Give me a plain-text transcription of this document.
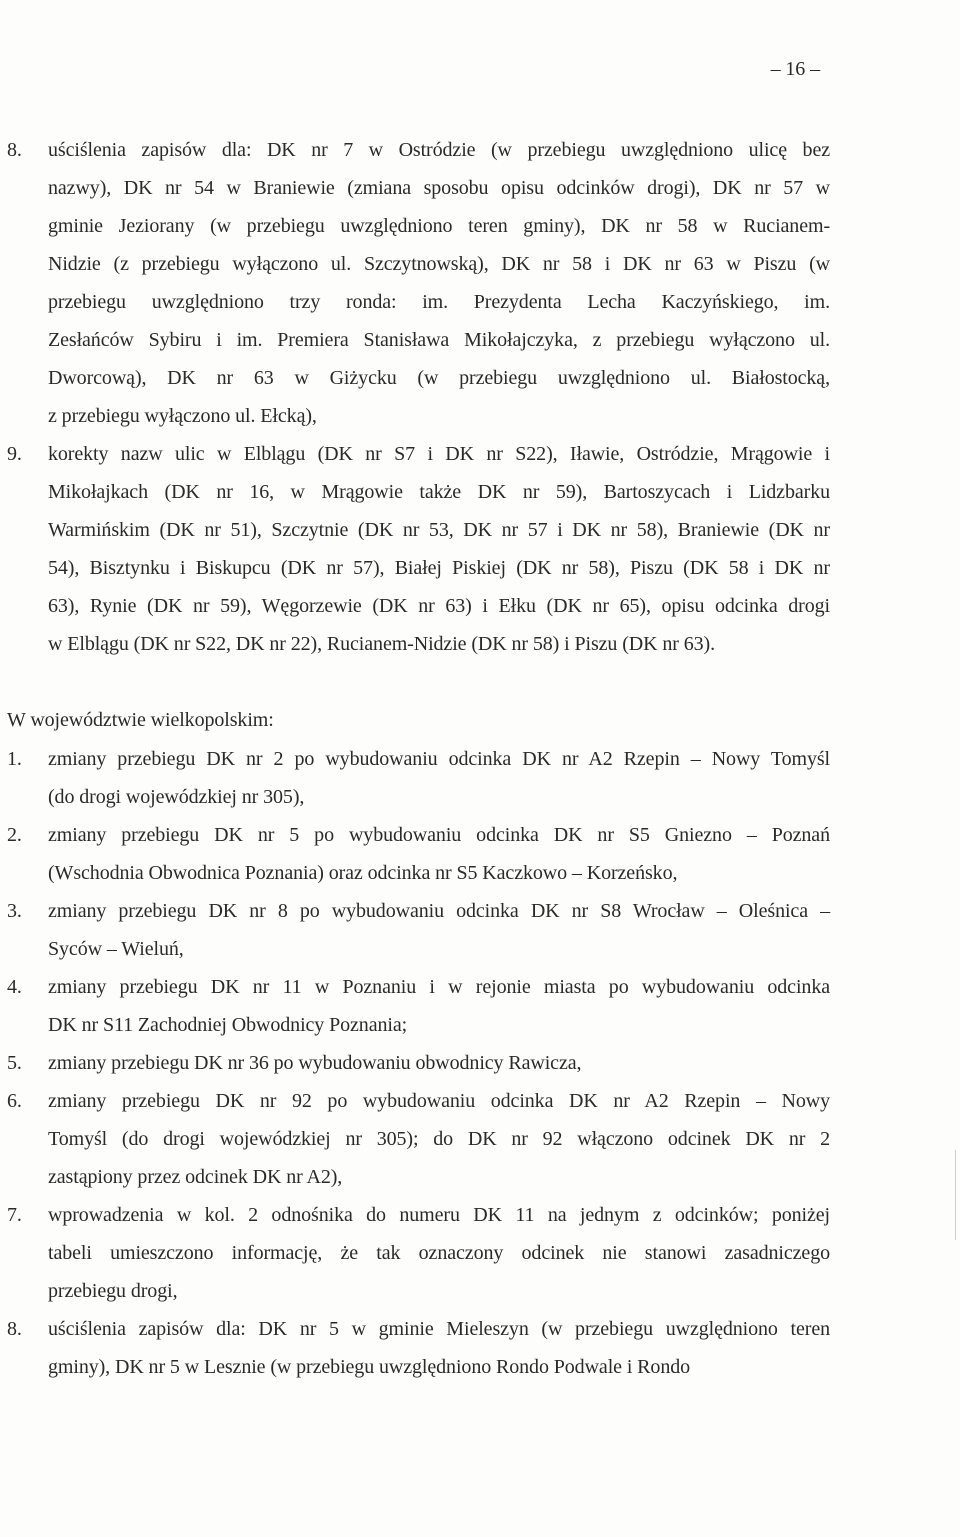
– 16 –
8.	uściślenia zapisów dla: DK nr 7 w Ostródzie (w przebiegu uwzględniono ulicę bez
nazwy), DK nr 54 w Braniewie (zmiana sposobu opisu odcinków drogi), DK nr 57 w
gminie Jeziorany (w przebiegu uwzględniono teren gminy), DK nr 58 w Rucianem-
Nidzie (z przebiegu wyłączono ul. Szczytnowską), DK nr 58 i DK nr 63 w Piszu (w
przebiegu uwzględniono trzy ronda: im. Prezydenta Lecha Kaczyńskiego, im.
Zesłańców Sybiru i im. Premiera Stanisława Mikołajczyka, z przebiegu wyłączono ul.
Dworcową), DK nr 63 w Giżycku (w przebiegu uwzględniono ul. Białostocką,
z przebiegu wyłączono ul. Ełcką),
9.	korekty nazw ulic w Elblągu (DK nr S7 i DK nr S22), Iławie, Ostródzie, Mrągowie i
Mikołajkach (DK nr 16, w Mrągowie także DK nr 59), Bartoszycach i Lidzbarku
Warmińskim (DK nr 51), Szczytnie (DK nr 53, DK nr 57 i DK nr 58), Braniewie (DK nr
54), Bisztynku i Biskupcu (DK nr 57), Białej Piskiej (DK nr 58), Piszu (DK 58 i DK nr
63), Rynie (DK nr 59), Węgorzewie (DK nr 63) i Ełku (DK nr 65), opisu odcinka drogi
w Elblągu (DK nr S22, DK nr 22), Rucianem-Nidzie (DK nr 58) i Piszu (DK nr 63).
W województwie wielkopolskim:
1.	zmiany przebiegu DK nr 2 po wybudowaniu odcinka DK nr A2 Rzepin – Nowy Tomyśl
(do drogi wojewódzkiej nr 305),
2.	zmiany przebiegu DK nr 5 po wybudowaniu odcinka DK nr S5 Gniezno – Poznań
(Wschodnia Obwodnica Poznania) oraz odcinka nr S5 Kaczkowo – Korzeńsko,
3.	zmiany przebiegu DK nr 8 po wybudowaniu odcinka DK nr S8 Wrocław – Oleśnica –
Syców – Wieluń,
4.	zmiany przebiegu DK nr 11 w Poznaniu i w rejonie miasta po wybudowaniu odcinka
DK nr S11 Zachodniej Obwodnicy Poznania;
5.	zmiany przebiegu DK nr 36 po wybudowaniu obwodnicy Rawicza,
6.	zmiany przebiegu DK nr 92 po wybudowaniu odcinka DK nr A2 Rzepin – Nowy
Tomyśl (do drogi wojewódzkiej nr 305); do DK nr 92 włączono odcinek DK nr 2
zastąpiony przez odcinek DK nr A2),
7.	wprowadzenia w kol. 2 odnośnika do numeru DK 11 na jednym z odcinków; poniżej
tabeli umieszczono informację, że tak oznaczony odcinek nie stanowi zasadniczego
przebiegu drogi,
8.	uściślenia zapisów dla: DK nr 5 w gminie Mieleszyn (w przebiegu uwzględniono teren
gminy), DK nr 5 w Lesznie (w przebiegu uwzględniono Rondo Podwale i Rondo
